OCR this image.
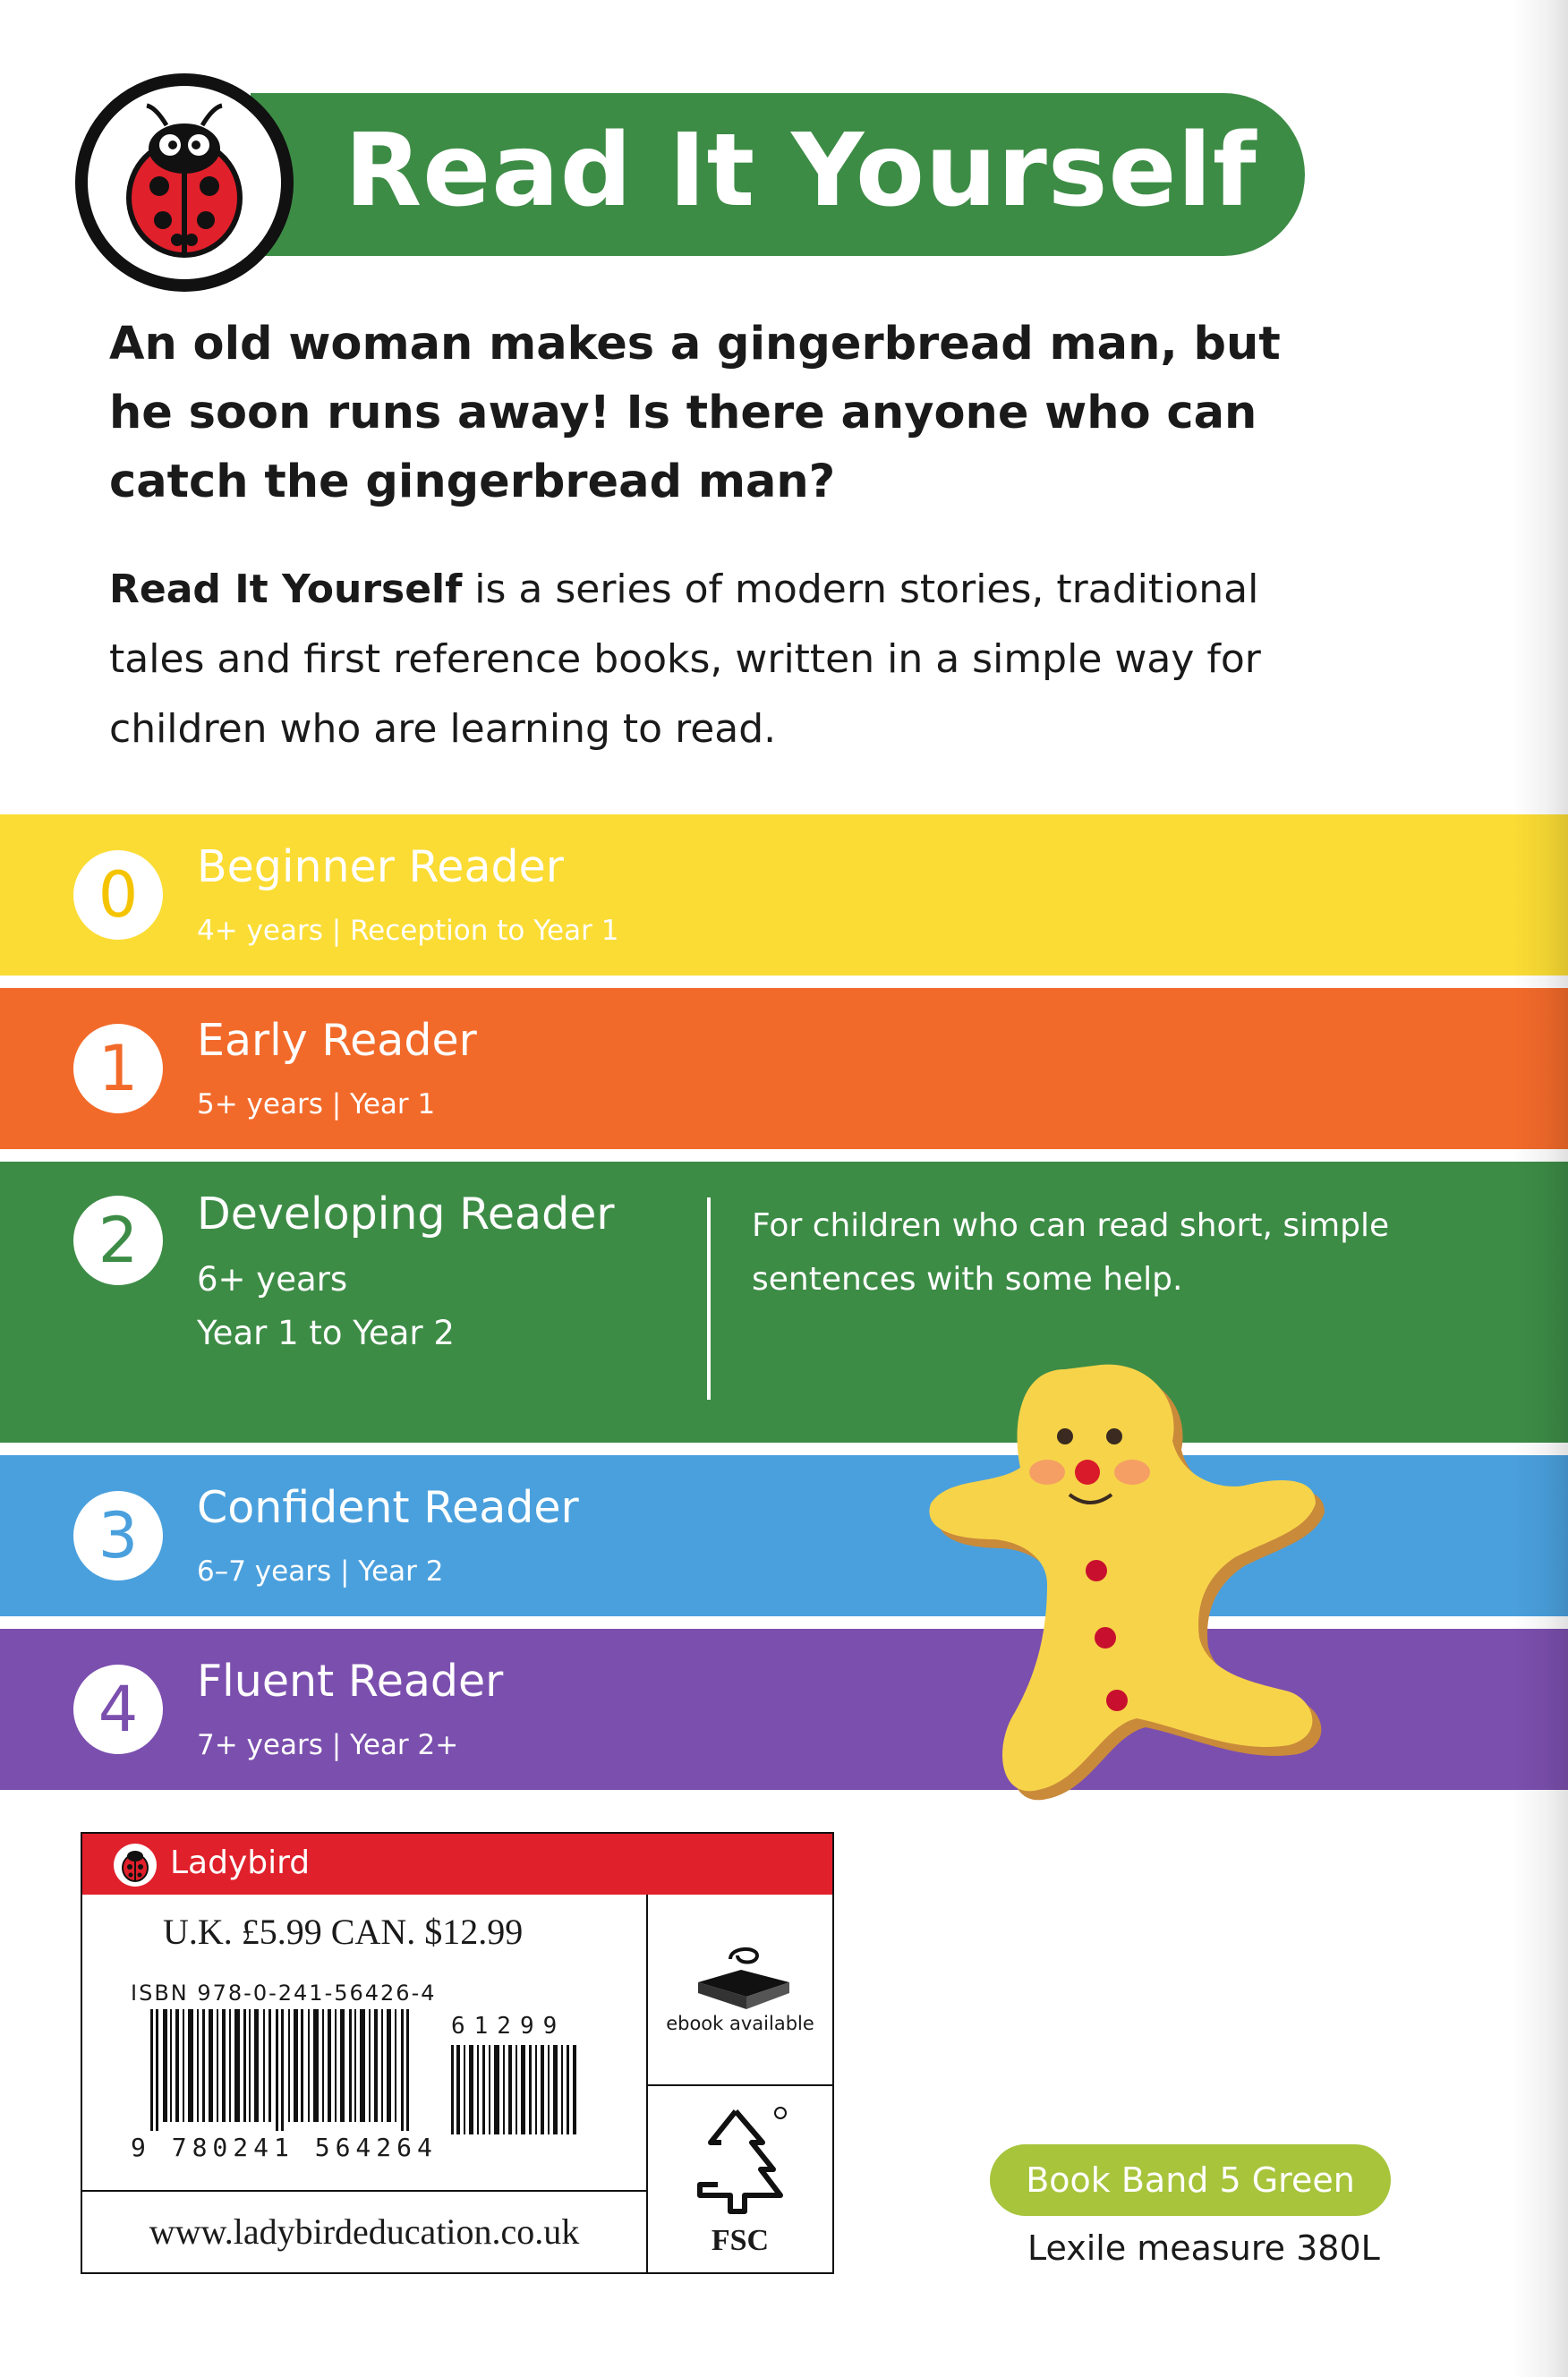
Read It Yourself
An old woman makes a gingerbread man, but he soon runs away! Is there anyone who can catch the gingerbread man?
Read It Yourself is a series of modern stories, traditional tales and first reference books, written in a simple way for children who are learning to read.
0	Beginner Reader
4+ years | Reception to Year 1
1	Early Reader
5+ years | Year 1
2	Developing Reader
6+ years
Year 1 to Year 2
For children who can read short, simple sentences with some help.
3	Confident Reader
6–7 years | Year 2
4	Fluent Reader
7+ years | Year 2+
Ladybird
U.K. £5.99 CAN. $12.99
ISBN 978-0-241-56426-4
61299
9 780241 564264
www.ladybirdeducation.co.uk
ebook available
FSC
Book Band 5 Green
Lexile measure 380L
